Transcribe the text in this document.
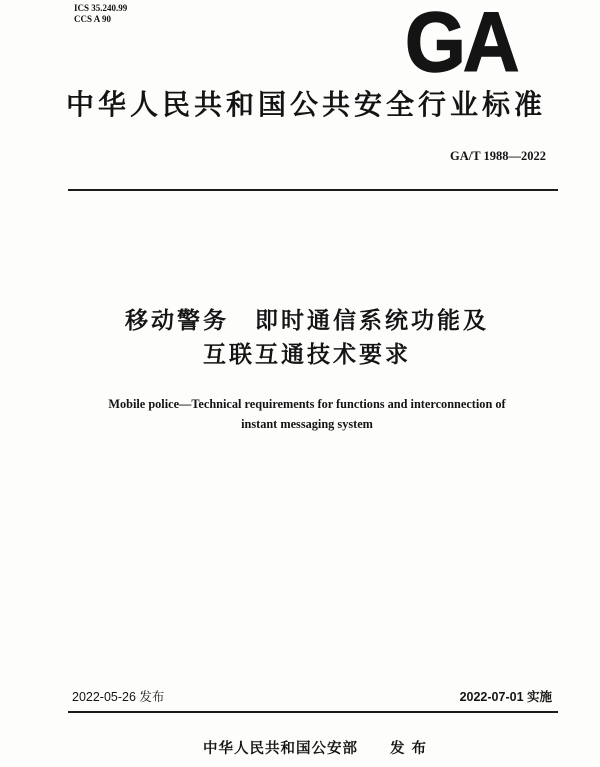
ICS 35.240.99
CCS A 90	GA
中华人民共和国公共安全行业标准
GA/T 1988—2022
移动警务　即时通信系统功能及
互联互通技术要求
Mobile police—Technical requirements for functions and interconnection of
instant messaging system
2022-05-26 发布	2022-07-01 实施
中华人民共和国公安部 发 布
